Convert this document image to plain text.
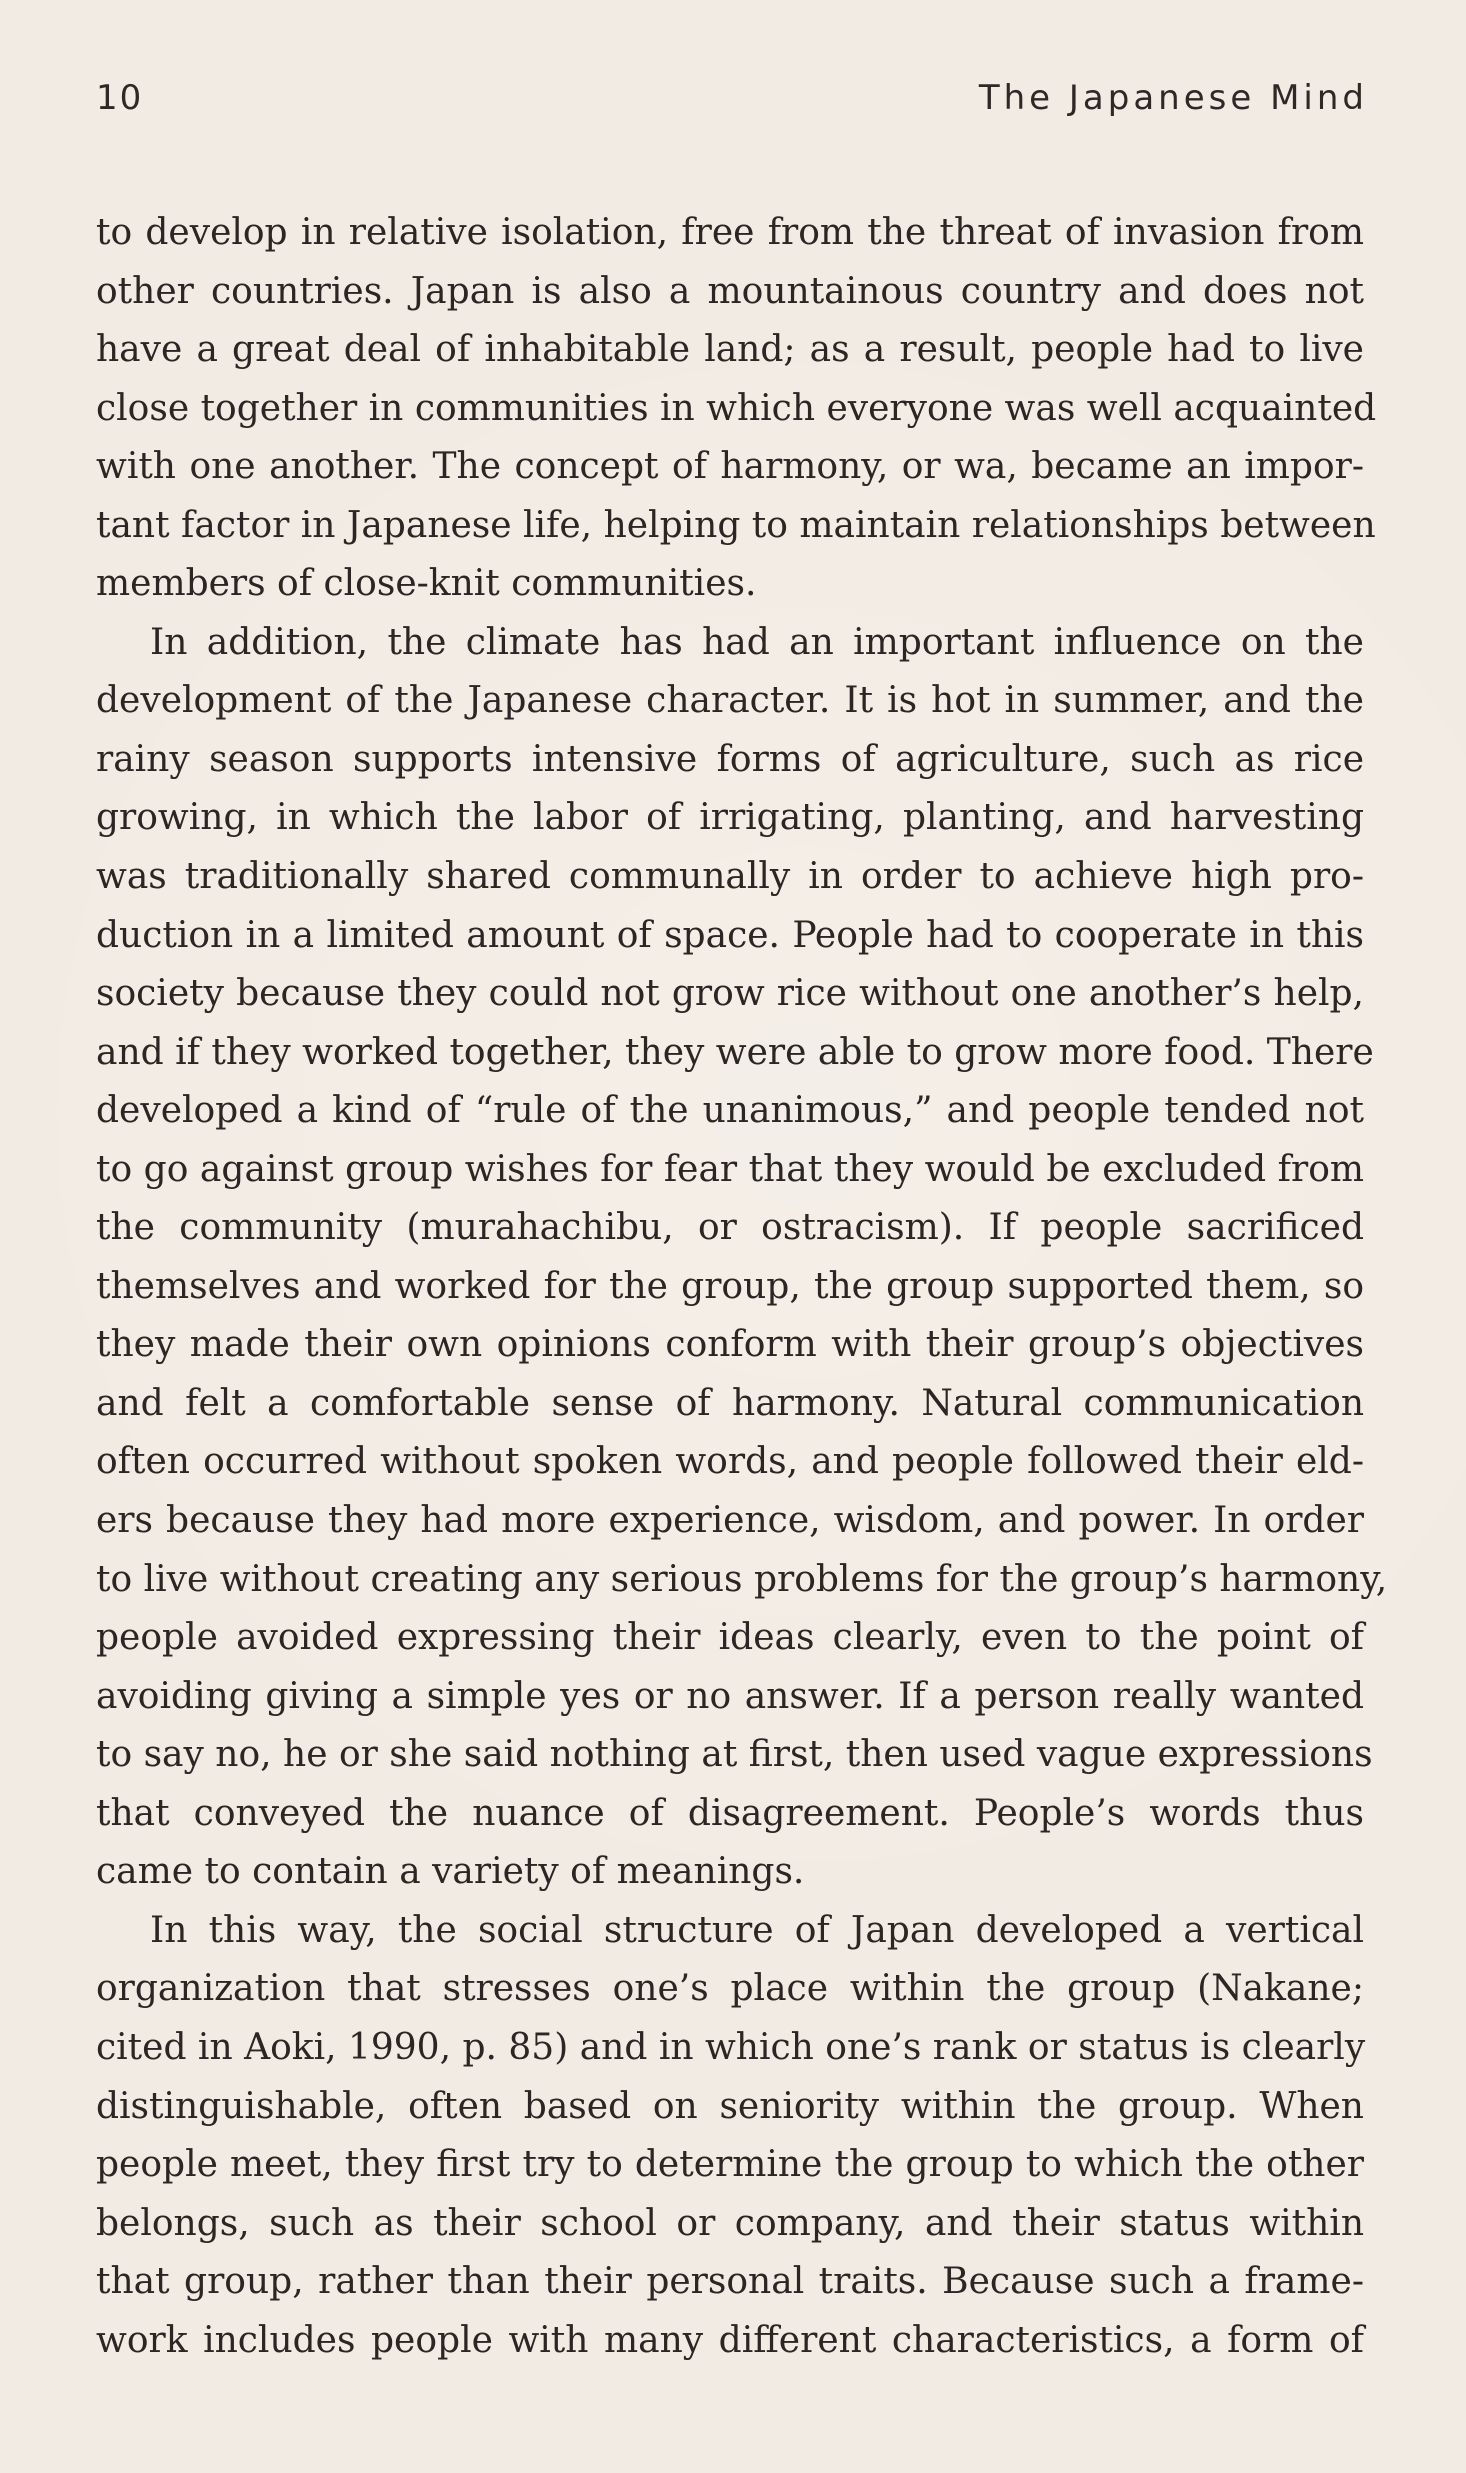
10	The Japanese Mind
to develop in relative isolation, free from the threat of invasion from
other countries. Japan is also a mountainous country and does not
have a great deal of inhabitable land; as a result, people had to live
close together in communities in which everyone was well acquainted
with one another. The concept of harmony, or wa, became an impor-
tant factor in Japanese life, helping to maintain relationships between
members of close-knit communities.
In addition, the climate has had an important influence on the
development of the Japanese character. It is hot in summer, and the
rainy season supports intensive forms of agriculture, such as rice
growing, in which the labor of irrigating, planting, and harvesting
was traditionally shared communally in order to achieve high pro-
duction in a limited amount of space. People had to cooperate in this
society because they could not grow rice without one another’s help,
and if they worked together, they were able to grow more food. There
developed a kind of “rule of the unanimous,” and people tended not
to go against group wishes for fear that they would be excluded from
the community (murahachibu, or ostracism). If people sacrificed
themselves and worked for the group, the group supported them, so
they made their own opinions conform with their group’s objectives
and felt a comfortable sense of harmony. Natural communication
often occurred without spoken words, and people followed their eld-
ers because they had more experience, wisdom, and power. In order
to live without creating any serious problems for the group’s harmony,
people avoided expressing their ideas clearly, even to the point of
avoiding giving a simple yes or no answer. If a person really wanted
to say no, he or she said nothing at first, then used vague expressions
that conveyed the nuance of disagreement. People’s words thus
came to contain a variety of meanings.
In this way, the social structure of Japan developed a vertical
organization that stresses one’s place within the group (Nakane;
cited in Aoki, 1990, p. 85) and in which one’s rank or status is clearly
distinguishable, often based on seniority within the group. When
people meet, they first try to determine the group to which the other
belongs, such as their school or company, and their status within
that group, rather than their personal traits. Because such a frame-
work includes people with many different characteristics, a form of
